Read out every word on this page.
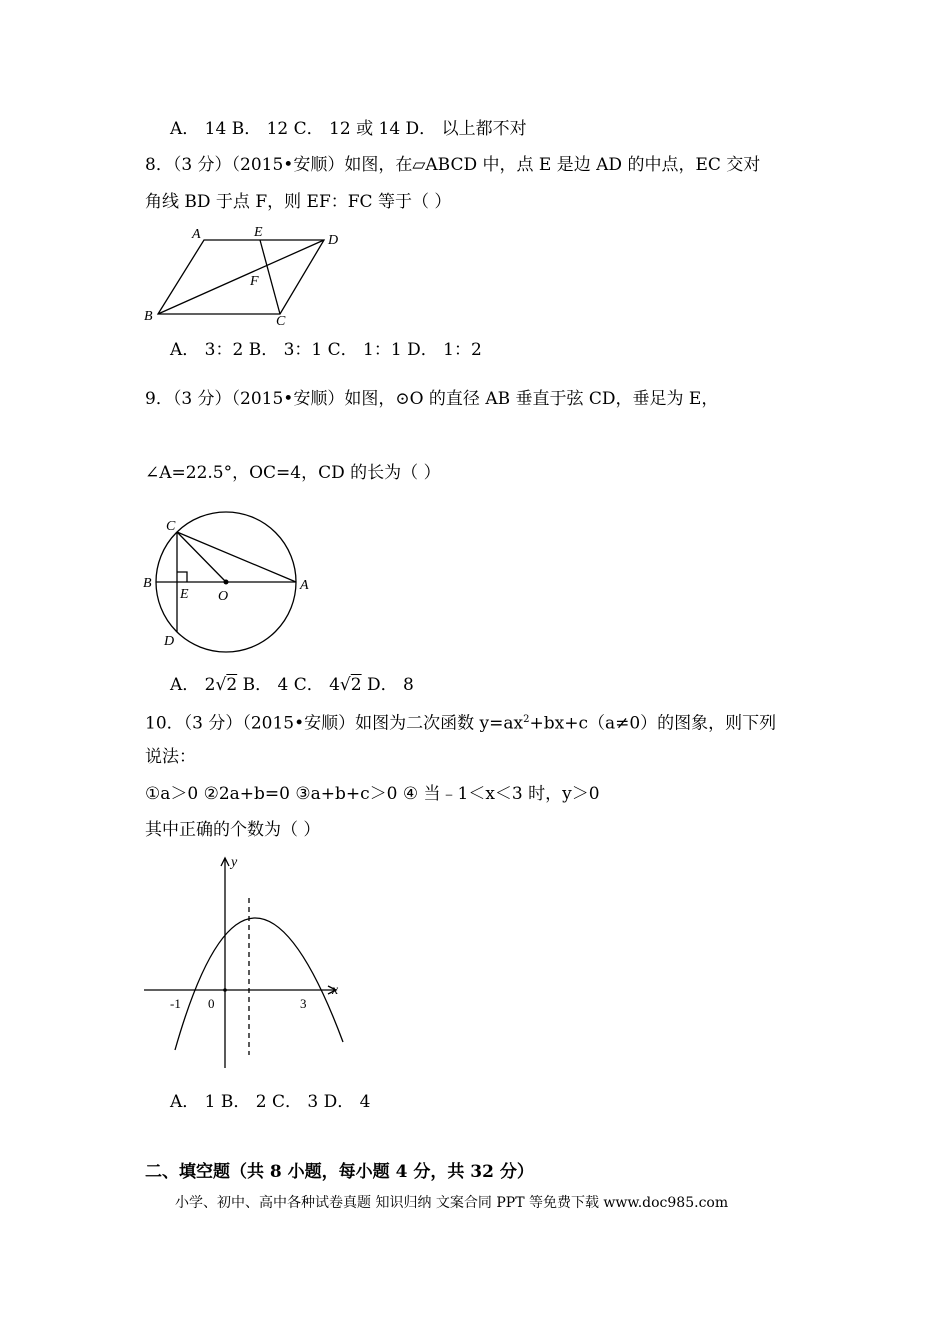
A． 14 B． 12 C． 12 或 14 D． 以上都不对
8．（3 分）（2015•安顺）如图，在▱ABCD 中，点 E 是边 AD 的中点，EC 交对
角线 BD 于点 F，则 EF：FC 等于（ ）
A	E
D
F
B	C
A． 3：2 B． 3：1 C． 1：1 D． 1：2
9．（3 分）（2015•安顺）如图，⊙O 的直径 AB 垂直于弦 CD，垂足为 E，
∠A=22.5°，OC=4，CD 的长为（ ）
C
B
E O
A
D
A． 2√2 B． 4 C． 4√2 D． 8
10．（3 分）（2015•安顺）如图为二次函数 $y=ax^2+bx+c(a\ne 0)$的图象，则下列
说法：
①a＞0 ②2a+b=0 ③a+b+c＞0 ④ 当﹣1＜x＜3 时，y＞0
其中正确的个数为（ ）
y
x
-1 0	3
A． 1 B． 2 C． 3 D． 4
二、填空题（共 8 小题，每小题 4 分，共 32 分）
小学、初中、高中各种试卷真题 知识归纳 文案合同 PPT 等免费下载 www.doc985.com
